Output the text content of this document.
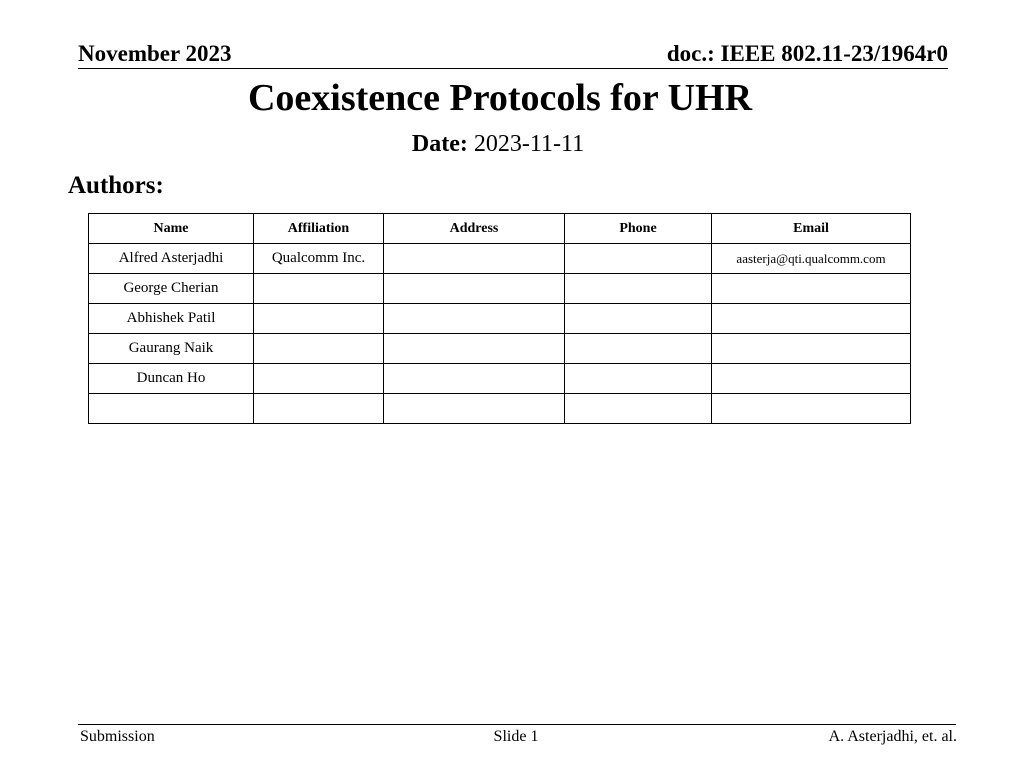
November 2023	doc.: IEEE 802.11-23/1964r0
Coexistence Protocols for UHR
Date: 2023-11-11
Authors:
Name	Affiliation	Address	Phone	Email
Alfred Asterjadhi	Qualcomm Inc.			aasterja@qti.qualcomm.com
George Cherian				
Abhishek Patil				
Gaurang Naik				
Duncan Ho				

Submission	Slide 1	A. Asterjadhi, et. al.
